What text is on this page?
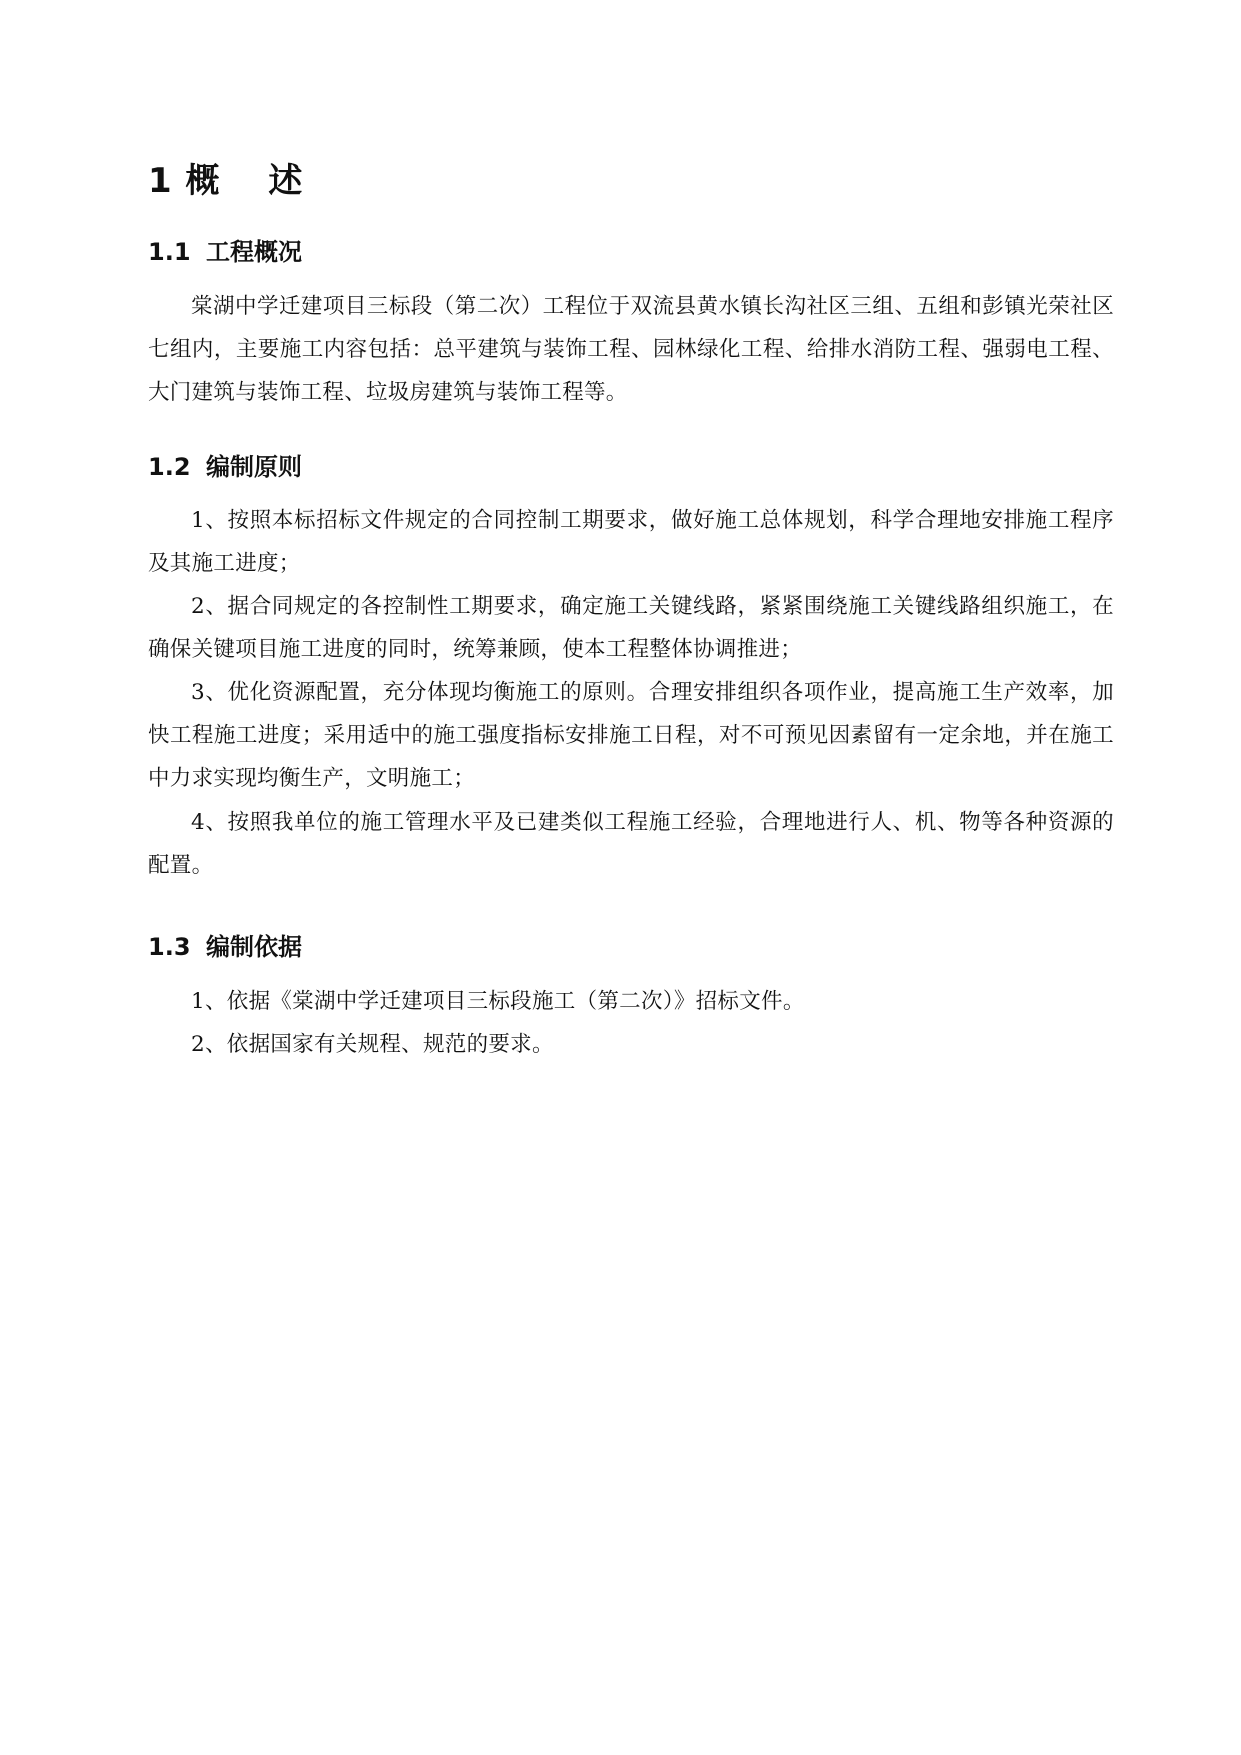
1 概　 述
1.1 工程概况

棠湖中学迁建项目三标段（第二次）工程位于双流县黄水镇长沟社区三组、五组和彭镇光荣社区七组内，主要施工内容包括：总平建筑与装饰工程、园林绿化工程、给排水消防工程、强弱电工程、大门建筑与装饰工程、垃圾房建筑与装饰工程等。

1.2 编制原则

1、按照本标招标文件规定的合同控制工期要求，做好施工总体规划，科学合理地安排施工程序及其施工进度；

2、据合同规定的各控制性工期要求，确定施工关键线路，紧紧围绕施工关键线路组织施工，在确保关键项目施工进度的同时，统筹兼顾，使本工程整体协调推进；

3、优化资源配置，充分体现均衡施工的原则。合理安排组织各项作业，提高施工生产效率，加快工程施工进度；采用适中的施工强度指标安排施工日程，对不可预见因素留有一定余地，并在施工中力求实现均衡生产，文明施工；

4、按照我单位的施工管理水平及已建类似工程施工经验，合理地进行人、机、物等各种资源的配置。

1.3 编制依据

1、依据《棠湖中学迁建项目三标段施工（第二次）》招标文件。

2、依据国家有关规程、规范的要求。
